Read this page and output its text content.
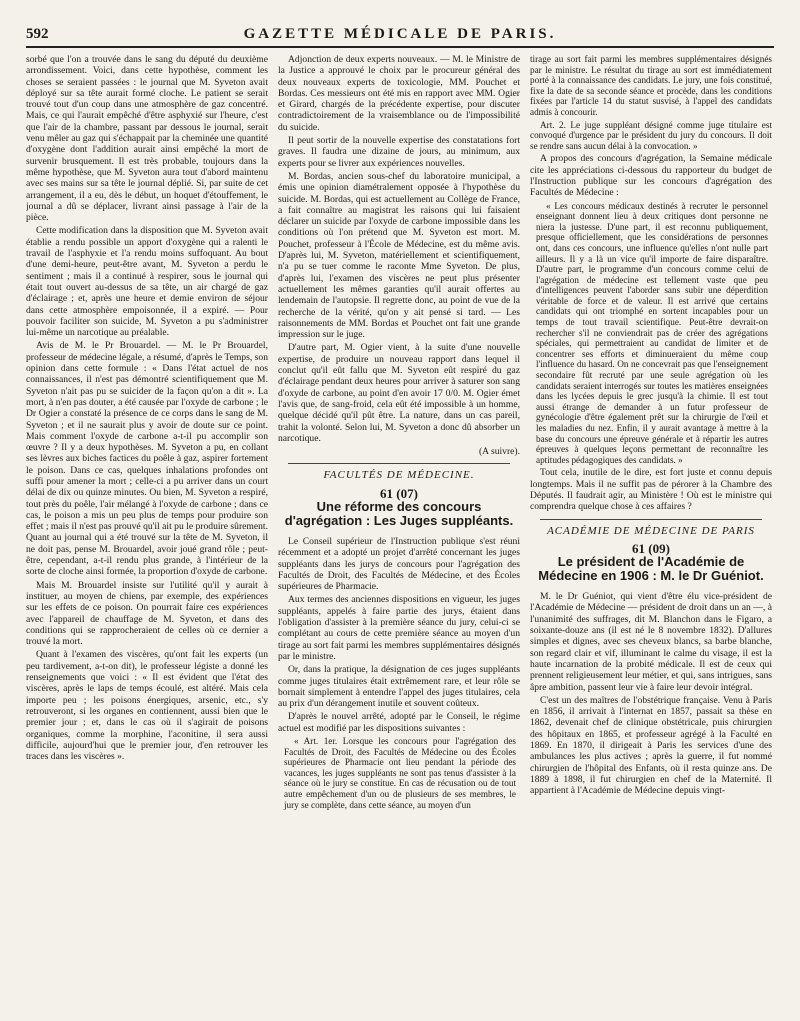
592	GAZETTE MÉDICALE DE PARIS.

sorbé que l'on a trouvée dans le sang du député du deuxième arrondissement. Voici, dans cette hypothèse, comment les choses se seraient passées : le journal que M. Syveton avait déployé sur sa tête aurait formé cloche. Le patient se serait trouvé tout d'un coup dans une atmosphère de gaz concentré. Mais, ce qui l'aurait empêché d'être asphyxié sur l'heure, c'est que l'air de la chambre, passant par dessous le journal, serait venu mêler au gaz qui s'échappait par la cheminée une quantité d'oxygène dont l'addition aurait ainsi empêché la mort de survenir brusquement. Il est très probable, toujours dans la même hypothèse, que M. Syveton aura tout d'abord maintenu avec ses mains sur sa tête le journal déplié. Si, par suite de cet arrangement, il a eu, dès le début, un hoquet d'étouffement, le journal a dû se déplacer, livrant ainsi passage à l'air de la pièce.

Cette modification dans la disposition que M. Syveton avait établie a rendu possible un apport d'oxygène qui a ralenti le travail de l'asphyxie et l'a rendu moins suffoquant. Au bout d'une demi-heure, peut-être avant, M. Syveton a perdu le sentiment ; mais il a continué à respirer, sous le journal qui était tout ouvert au-dessus de sa tête, un air chargé de gaz d'éclairage ; et, après une heure et demie environ de séjour dans cette atmosphère empoisonnée, il a expiré. — Pour pouvoir faciliter son suicide, M. Syveton a pu s'administrer lui-même un narcotique au préalable.

Avis de M. le Pr Brouardel. — M. le Pr Brouardel, professeur de médecine légale, a résumé, d'après le Temps, son opinion dans cette formule : « Dans l'état actuel de nos connaissances, il n'est pas démontré scientifiquement que M. Syveton n'ait pas pu se suicider de la façon qu'on a dit ». La mort, à n'en pas douter, a été causée par l'oxyde de carbone ; le Dr Ogier a constaté la présence de ce corps dans le sang de M. Syveton ; et il ne saurait plus y avoir de doute sur ce point. Mais comment l'oxyde de carbone a-t-il pu accomplir son œuvre ? Il y a deux hypothèses. M. Syveton a pu, en collant ses lèvres aux biches factices du poêle à gaz, aspirer fortement le poison. Dans ce cas, quelques inhalations profondes ont suffi pour amener la mort ; celle-ci a pu arriver dans un court délai de dix ou quinze minutes. Ou bien, M. Syveton a respiré, tout près du poêle, l'air mélangé à l'oxyde de carbone ; dans ce cas, le poison a mis un peu plus de temps pour produire son effet ; mais il n'est pas prouvé qu'il ait pu le produire sûrement. Quant au journal qui a été trouvé sur la tête de M. Syveton, il ne doit pas, pense M. Brouardel, avoir joué grand rôle ; peut-être, cependant, a-t-il rendu plus grande, à l'intérieur de la sorte de cloche ainsi formée, la proportion d'oxyde de carbone.

Mais M. Brouardel insiste sur l'utilité qu'il y aurait à instituer, au moyen de chiens, par exemple, des expériences sur les effets de ce poison. On pourrait faire ces expériences avec l'appareil de chauffage de M. Syveton, et dans des conditions qui se rapprocheraient de celles où ce dernier a trouvé la mort.

Quant à l'examen des viscères, qu'ont fait les experts (un peu tardivement, a-t-on dit), le professeur légiste a donné les renseignements que voici : « Il est évident que l'état des viscères, après le laps de temps écoulé, est altéré. Mais cela importe peu ; les poisons énergiques, arsenic, etc., s'y retrouveront, si les organes en contiennent, aussi bien que le premier jour ; et, dans le cas où il s'agirait de poisons organiques, comme la morphine, l'aconitine, il sera aussi difficile, aujourd'hui que le premier jour, d'en retrouver les traces dans les viscères ».

Adjonction de deux experts nouveaux. — M. le Ministre de la Justice a approuvé le choix par le procureur général des deux nouveaux experts de toxicologie, MM. Pouchet et Bordas. Ces messieurs ont été mis en rapport avec MM. Ogier et Girard, chargés de la précédente expertise, pour discuter contradictoirement de la vraisemblance ou de l'impossibilité du suicide.

Il peut sortir de la nouvelle expertise des constatations fort graves. Il faudra une dizaine de jours, au minimum, aux experts pour se livrer aux expériences nouvelles.

M. Bordas, ancien sous-chef du laboratoire municipal, a émis une opinion diamétralement opposée à l'hypothèse du suicide. M. Bordas, qui est actuellement au Collège de France, a fait connaître au magistrat les raisons qui lui faisaient déclarer un suicide par l'oxyde de carbone impossible dans les conditions où l'on prétend que M. Syveton est mort. M. Pouchet, professeur à l'École de Médecine, est du même avis. D'après lui, M. Syveton, matériellement et scientifiquement, n'a pu se tuer comme le raconte Mme Syveton. De plus, d'après lui, l'examen des viscères ne peut plus présenter actuellement les mêmes garanties qu'il aurait offertes au lendemain de l'autopsie. Il regrette donc, au point de vue de la recherche de la vérité, qu'on y ait pensé si tard. — Les raisonnements de MM. Bordas et Pouchet ont fait une grande impression sur le juge.

D'autre part, M. Ogier vient, à la suite d'une nouvelle expertise, de produire un nouveau rapport dans lequel il conclut qu'il eût fallu que M. Syveton eût respiré du gaz d'éclairage pendant deux heures pour arriver à saturer son sang d'oxyde de carbone, au point d'en avoir 17 0/0. M. Ogier émet l'avis que, de sang-froid, cela eût été impossible à un homme, quelque décidé qu'il pût être. La nature, dans un cas pareil, trahit la volonté. Selon lui, M. Syveton a donc dû absorber un narcotique.

(A suivre).

FACULTÉS DE MÉDECINE.
61 (07)
Une réforme des concours d'agrégation : Les Juges suppléants.

Le Conseil supérieur de l'Instruction publique s'est réuni récemment et a adopté un projet d'arrêté concernant les juges suppléants dans les jurys de concours pour l'agrégation des Facultés de Droit, des Facultés de Médecine, et des Écoles supérieures de Pharmacie.

Aux termes des anciennes dispositions en vigueur, les juges suppléants, appelés à faire partie des jurys, étaient dans l'obligation d'assister à la première séance du jury, celui-ci se complétant au cours de cette première séance au moyen d'un tirage au sort fait parmi les membres supplémentaires désignés par le ministre.

Or, dans la pratique, la désignation de ces juges suppléants comme juges titulaires était extrêmement rare, et leur rôle se bornait simplement à entendre l'appel des juges titulaires, cela au prix d'un dérangement inutile et souvent coûteux.

D'après le nouvel arrêté, adopté par le Conseil, le régime actuel est modifié par les dispositions suivantes :

« Art. 1er. Lorsque les concours pour l'agrégation des Facultés de Droit, des Facultés de Médecine ou des Écoles supérieures de Pharmacie ont lieu pendant la période des vacances, les juges suppléants ne sont pas tenus d'assister à la séance où le jury se constitue. En cas de récusation ou de tout autre empêchement d'un ou de plusieurs de ses membres, le jury se complète, dans cette séance, au moyen d'un

tirage au sort fait parmi les membres supplémentaires désignés par le ministre. Le résultat du tirage au sort est immédiatement porté à la connaissance des candidats. Le jury, une fois constitué, fixe la date de sa seconde séance et procède, dans les conditions fixées par l'article 14 du statut susvisé, à l'appel des candidats admis à concourir.

Art. 2. Le juge suppléant désigné comme juge titulaire est convoqué d'urgence par le président du jury du concours. Il doit se rendre sans aucun délai à la convocation. »

A propos des concours d'agrégation, la Semaine médicale cite les appréciations ci-dessous du rapporteur du budget de l'Instruction publique sur les concours d'agrégation des Facultés de Médecine :

« Les concours médicaux destinés à recruter le personnel enseignant donnent lieu à deux critiques dont personne ne niera la justesse. D'une part, il est reconnu publiquement, presque officiellement, que les considérations de personnes ont, dans ces concours, une influence qu'elles n'ont nulle part ailleurs. Il y a là un vice qu'il importe de faire disparaître. D'autre part, le programme d'un concours comme celui de l'agrégation de médecine est tellement vaste que peu d'intelligences peuvent l'aborder sans subir une déperdition véritable de force et de valeur. Il est arrivé que certains candidats qui ont triomphé en sortent incapables pour un temps de tout travail scientifique. Peut-être devrait-on rechercher s'il ne conviendrait pas de créer des agrégations spéciales, qui permettraient au candidat de limiter et de concentrer ses efforts et diminueraient du même coup l'influence du hasard. On ne concevrait pas que l'enseignement secondaire fût recruté par une seule agrégation où les candidats seraient interrogés sur toutes les matières enseignées dans les lycées depuis le grec jusqu'à la chimie. Il est tout aussi étrange de demander à un futur professeur de gynécologie d'être également prêt sur la chirurgie de l'œil et les maladies du nez. Enfin, il y aurait avantage à mettre à la base du concours une épreuve générale et à répartir les autres épreuves à quelques leçons permettant de reconnaître les aptitudes pédagogiques des candidats. »

Tout cela, inutile de le dire, est fort juste et connu depuis longtemps. Mais il ne suffit pas de pérorer à la Chambre des Députés. Il faudrait agir, au Ministère ! Où est le ministre qui comprendra quelque chose à ces affaires ?

ACADÉMIE DE MÉDECINE DE PARIS
61 (09)
Le président de l'Académie de Médecine en 1906 : M. le Dr Guéniot.

M. le Dr Guéniot, qui vient d'être élu vice-président de l'Académie de Médecine — président de droit dans un an —, à l'unanimité des suffrages, dit M. Blanchon dans le Figaro, a soixante-douze ans (il est né le 8 novembre 1832). D'allures simples et dignes, avec ses cheveux blancs, sa barbe blanche, son regard clair et vif, illuminant le calme du visage, il est la haute incarnation de la probité médicale. Il est de ceux qui prennent religieusement leur métier, et qui, sans intrigues, sans âpre ambition, passent leur vie à faire leur devoir intégral.

C'est un des maîtres de l'obstétrique française. Venu à Paris en 1856, il arrivait à l'internat en 1857, passait sa thèse en 1862, devenait chef de clinique obstétricale, puis chirurgien des hôpitaux en 1865, et professeur agrégé à la Faculté en 1869. En 1870, il dirigeait à Paris les services d'une des ambulances les plus actives ; après la guerre, il fut nommé chirurgien de l'hôpital des Enfants, où il resta quinze ans. De 1889 à 1898, il fut chirurgien en chef de la Maternité. Il appartient à l'Académie de Médecine depuis vingt-
